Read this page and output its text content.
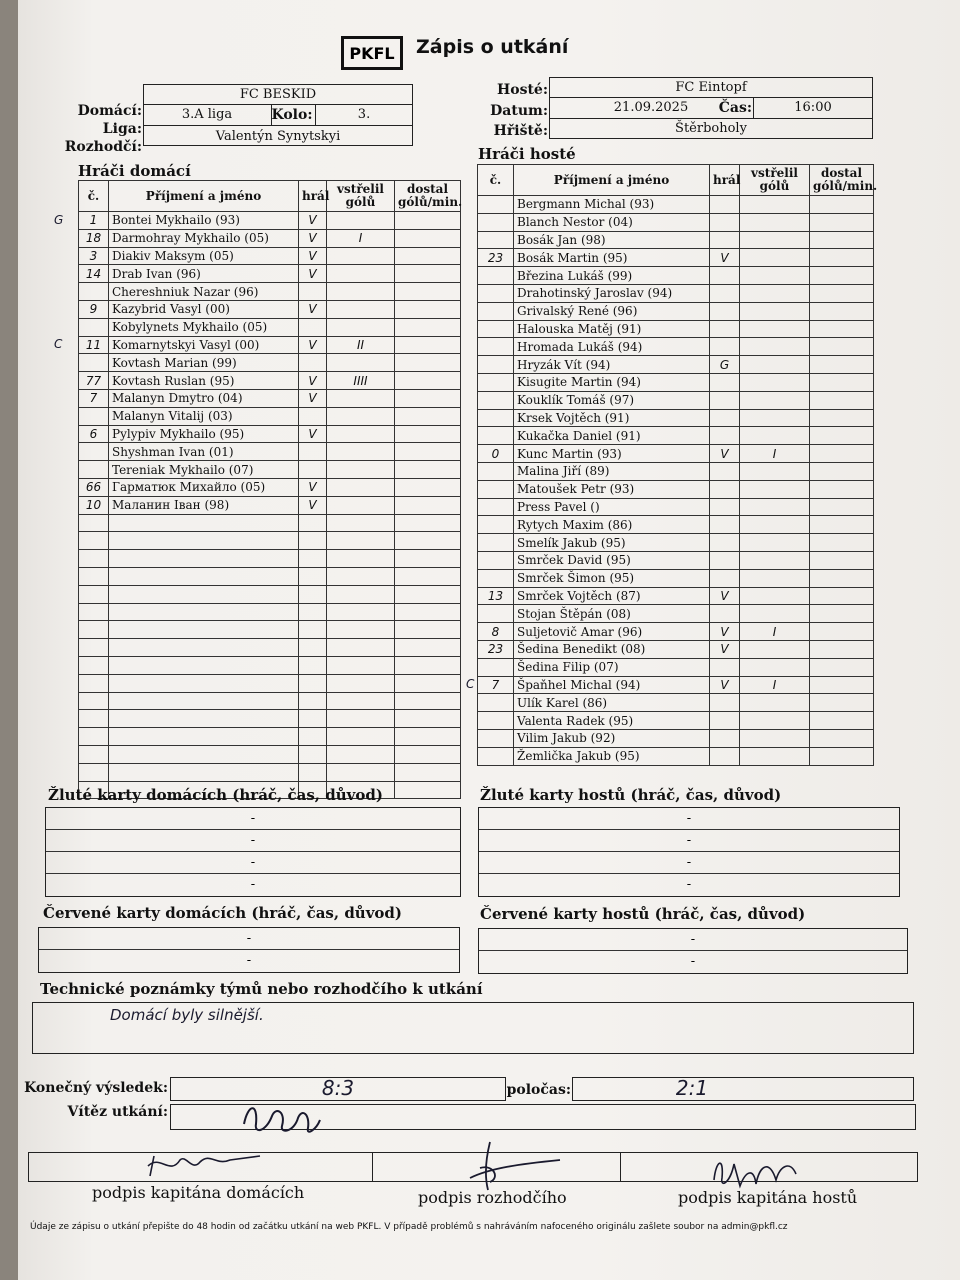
PKFL	Zápis o utkání
Domácí:
FC BESKID
Liga:
3.A liga	Kolo:	3.
Rozhodčí:
Valentýn Synytskyi
Hosté:	FC Eintopf
Datum:	21.09.2025	Čas:	16:00
Hřiště:	Štěrboholy
Hráči domácí
Hráči hosté
č.	Příjmení a jméno	hrál	vstřelil gólů	dostal gólů/min.
1	Bontei Mykhailo (93)	V		
18	Darmohray Mykhailo (05)	V	I	
3	Diakiv Maksym (05)	V		
14	Drab Ivan (96)	V		
	Chereshniuk Nazar (96)			
9	Kazybrid Vasyl (00)	V		
	Kobylynets Mykhailo (05)			
11	Komarnytskyi Vasyl (00)	V	II	
	Kovtash Marian (99)			
77	Kovtash Ruslan (95)	V	IIII	
7	Malanyn Dmytro (04)	V		
	Malanyn Vitalij (03)			
6	Pylypiv Mykhailo (95)	V		
	Shyshman Ivan (01)			
	Tereniak Mykhailo (07)			
66	Гарматюк Михайло (05)	V		
10	Маланин Іван (98)	V		

č.	Příjmení a jméno	hrál	vstřelil gólů	dostal gólů/min.
	Bergmann Michal (93)			
	Blanch Nestor (04)			
	Bosák Jan (98)			
23	Bosák Martin (95)	V		
	Březina Lukáš (99)			
	Drahotinský Jaroslav (94)			
	Grivalský René (96)			
	Halouska Matěj (91)			
	Hromada Lukáš (94)			
	Hryzák Vít (94)	G		
	Kisugite Martin (94)			
	Kouklík Tomáš (97)			
	Krsek Vojtěch (91)			
	Kukačka Daniel (91)			
0	Kunc Martin (93)	V	I	
	Malina Jiří (89)			
	Matoušek Petr (93)			
	Press Pavel ()			
	Rytych Maxim (86)			
	Smelík Jakub (95)			
	Smrček David (95)			
	Smrček Šimon (95)			
13	Smrček Vojtěch (87)	V		
	Stojan Štěpán (08)			
8	Suljetovič Amar (96)	V	I	
23	Šedina Benedikt (08)	V		
	Šedina Filip (07)			
7	Špaňhel Michal (94)	V	I	
	Ulík Karel (86)			
	Valenta Radek (95)			
	Vilim Jakub (92)			
	Žemlička Jakub (95)			
Žluté karty domácích (hráč, čas, důvod)
-
-
-
-
Žluté karty hostů (hráč, čas, důvod)
-
-
-
-
Červené karty domácích (hráč, čas, důvod)
-
-
Červené karty hostů (hráč, čas, důvod)
-
-
Technické poznámky týmů nebo rozhodčího k utkání
Domácí byly silnější.
Konečný výsledek:	8:3	poločas:	2:1
Vítěz utkání:
podpis kapitána domácích	podpis rozhodčího	podpis kapitána hostů
Údaje ze zápisu o utkání přepište do 48 hodin od začátku utkání na web PKFL. V případě problémů s nahráváním nafoceného originálu zašlete soubor na admin@pkfl.cz
G
C
C
